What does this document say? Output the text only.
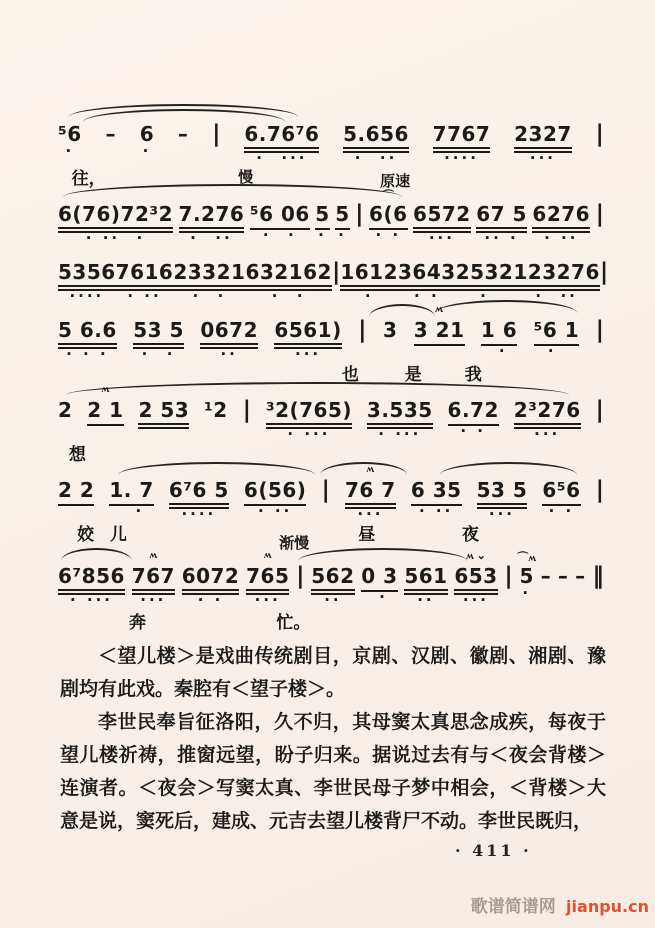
⁵6
·
– 6
·
– | 6.76⁷6
·  ···
5.656
·  ··
7767
····
2327
···
|
往，	慢	原速
6(76)72³2
· ··  ·
7.276
·  ··
⁵6 06
·  ·
5
·
5
·
|
⌒
6(6
· ·
6572
···
67 5
·· ·
6276
· ··
|
5356
····
7616
· ··
23321
·  ·
632162
·  ·
| 1612
·
3643
· ·
2532
·
123276
·  ··
|
5 6.6
· · ·
53 5
·  ·
0672
··
6561)
···
| 3
ʍ
3 21 1 6
·
⁵6 1
·
|
也	是	我
2
ʍ
2 1 2 53 ¹2 | ³2(765)
· ···
3.535
· ···
6.72
· ·
2³276
···
|
想
2 2 1. 7
·
6⁷6 5
····
6(56)
· ··
|
ʍ
76 7
···
6 35
· ··
53 5
···
6⁵6
· ·
|
姣 儿	昼	夜
渐慢
6⁷856
· ···
ʍ
767
···
6072
· ·
ʍ
765
···
| 562
··
0 3
·
561
··
ʍ ⌄
653
···
|
⌒ʍ
5
·
– – – ‖
奔	忙。

＜望儿楼＞是戏曲传统剧目，京剧、汉剧、徽剧、湘剧、豫剧均有此戏。秦腔有＜望子楼＞。

李世民奉旨征洛阳，久不归，其母窦太真思念成疾，每夜于望儿楼祈祷，推窗远望，盼子归来。据说过去有与＜夜会背楼＞连演者。＜夜会＞写窦太真、李世民母子梦中相会，＜背楼＞大意是说，窦死后，建成、元吉去望儿楼背尸不动。李世民既归，

· 411 ·
歌谱简谱网 jianpu.cn
